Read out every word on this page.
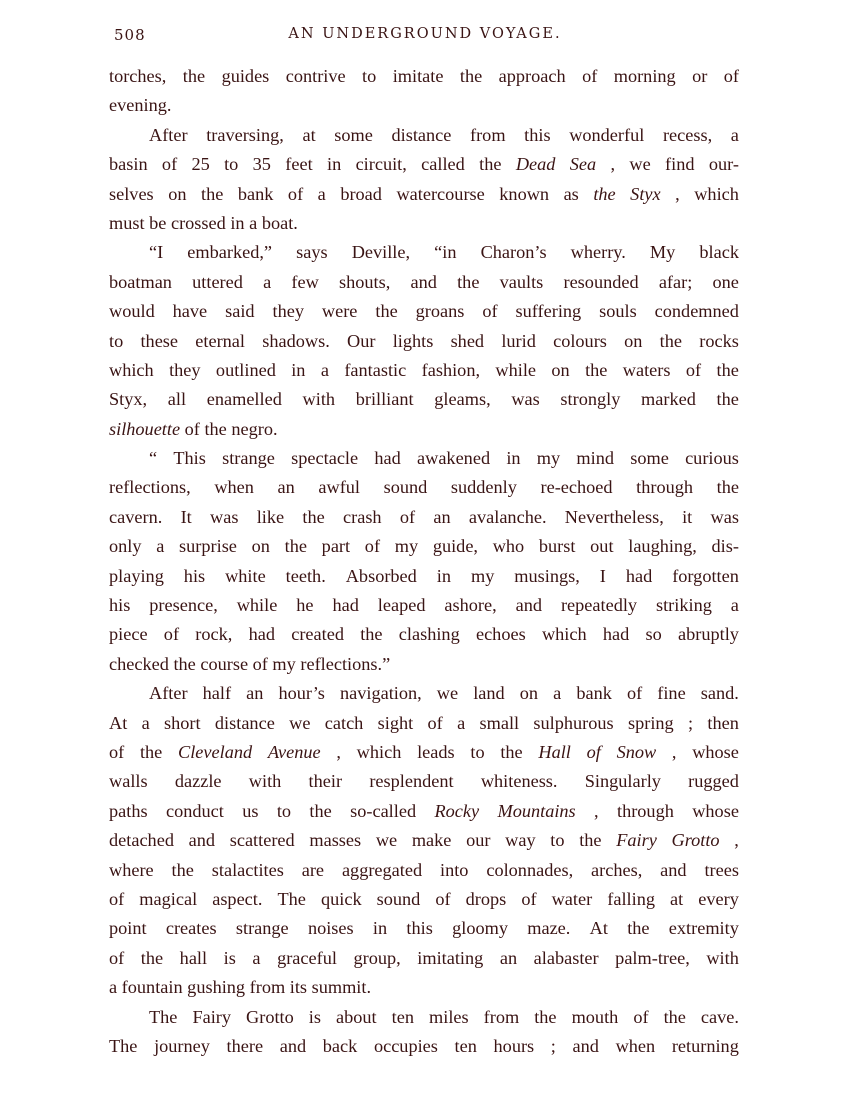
508	AN UNDERGROUND VOYAGE.
torches, the guides contrive to imitate the approach of morning or of
evening.
After traversing, at some distance from this wonderful recess, a
basin of 25 to 35 feet in circuit, called the Dead Sea , we find our-
selves on the bank of a broad watercourse known as the Styx , which
must be crossed in a boat.
“I embarked,” says Deville, “in Charon’s wherry. My black
boatman uttered a few shouts, and the vaults resounded afar; one
would have said they were the groans of suffering souls condemned
to these eternal shadows. Our lights shed lurid colours on the rocks
which they outlined in a fantastic fashion, while on the waters of the
Styx, all enamelled with brilliant gleams, was strongly marked the
silhouette of the negro.
“ This strange spectacle had awakened in my mind some curious
reflections, when an awful sound suddenly re-echoed through the
cavern. It was like the crash of an avalanche. Nevertheless, it was
only a surprise on the part of my guide, who burst out laughing, dis-
playing his white teeth. Absorbed in my musings, I had forgotten
his presence, while he had leaped ashore, and repeatedly striking a
piece of rock, had created the clashing echoes which had so abruptly
checked the course of my reflections.”
After half an hour’s navigation, we land on a bank of fine sand.
At a short distance we catch sight of a small sulphurous spring ; then
of the Cleveland Avenue , which leads to the Hall of Snow , whose
walls dazzle with their resplendent whiteness. Singularly rugged
paths conduct us to the so-called Rocky Mountains , through whose
detached and scattered masses we make our way to the Fairy Grotto ,
where the stalactites are aggregated into colonnades, arches, and trees
of magical aspect. The quick sound of drops of water falling at every
point creates strange noises in this gloomy maze. At the extremity
of the hall is a graceful group, imitating an alabaster palm-tree, with
a fountain gushing from its summit.
The Fairy Grotto is about ten miles from the mouth of the cave.
The journey there and back occupies ten hours ; and when returning
